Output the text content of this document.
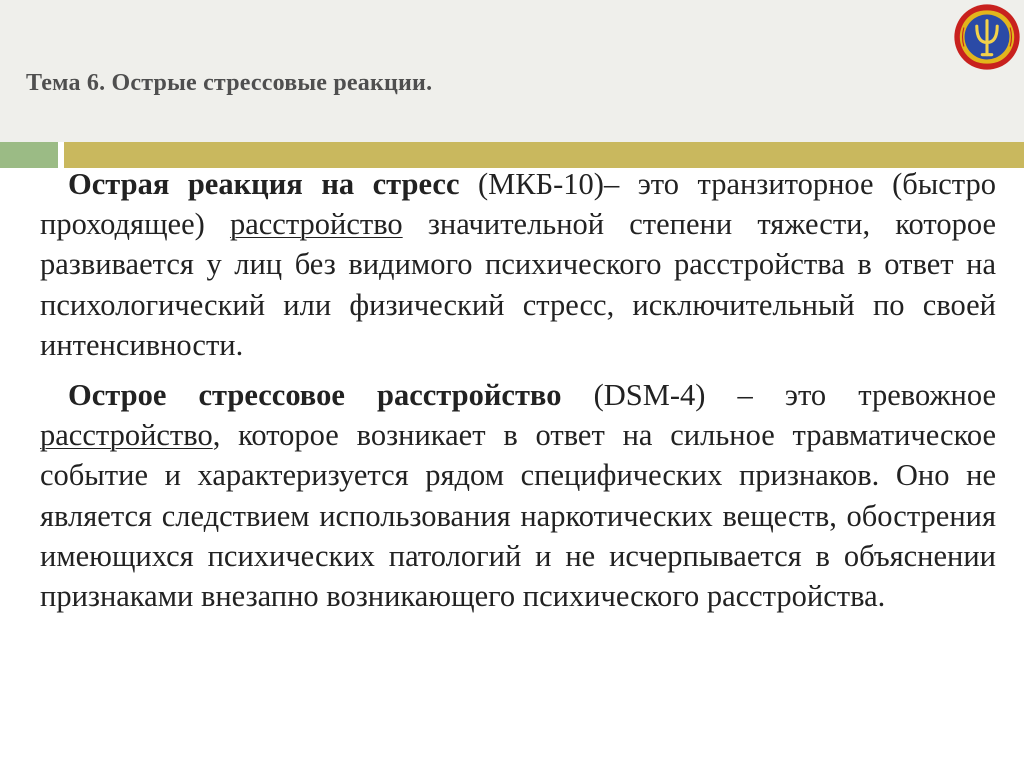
Тема 6. Острые стрессовые реакции.

Острая реакция на стресс (МКБ-10)– это транзиторное (быстро проходящее) расстройство значительной степени тяжести, которое развивается у лиц без видимого психического расстройства в ответ на психологический или физический стресс, исключительный по своей интенсивности.

Острое стрессовое расстройство (DSM-4) – это тревожное расстройство, которое возникает в ответ на сильное травматическое событие и характеризуется рядом специфических признаков. Оно не является следствием использования наркотических веществ, обострения имеющихся психических патологий и не исчерпывается в объяснении признаками внезапно возникающего психического расстройства.
